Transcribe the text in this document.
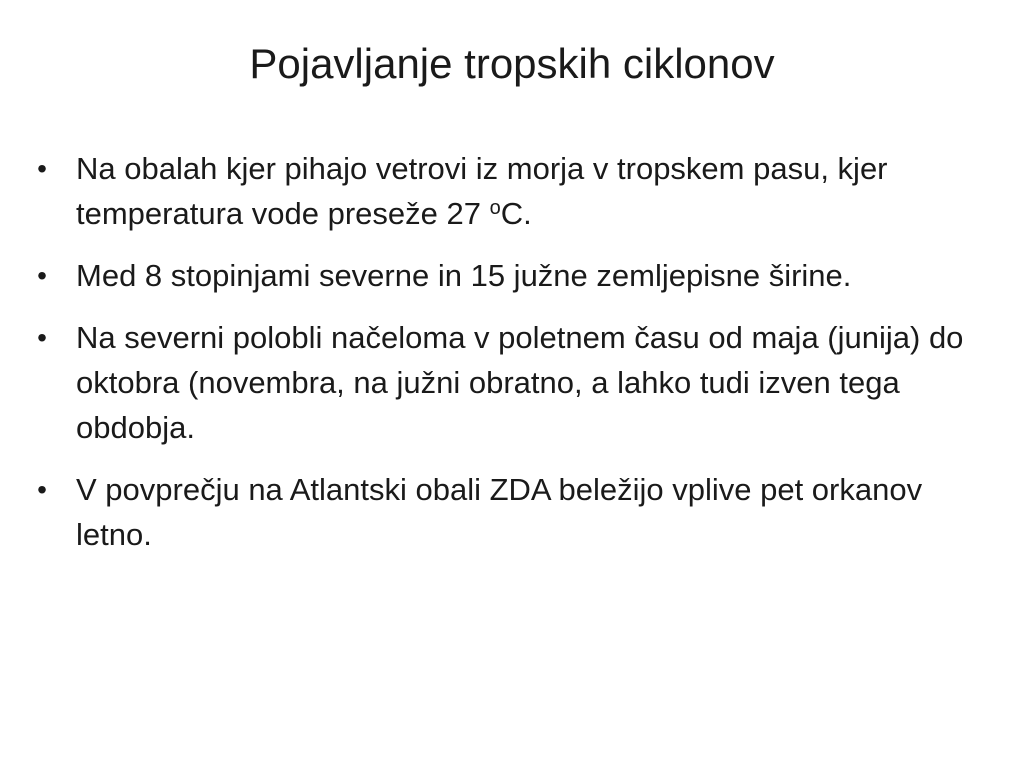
Pojavljanje tropskih ciklonov
• Na obalah kjer pihajo vetrovi iz morja v tropskem pasu, kjer temperatura vode preseže 27 $^o$C.
• Med 8 stopinjami severne in 15 južne zemljepisne širine.
• Na severni polobli načeloma v poletnem času od maja (junija) do oktobra (novembra, na južni obratno, a lahko tudi izven tega obdobja.
• V povprečju na Atlantski obali ZDA beležijo vplive pet orkanov letno.
